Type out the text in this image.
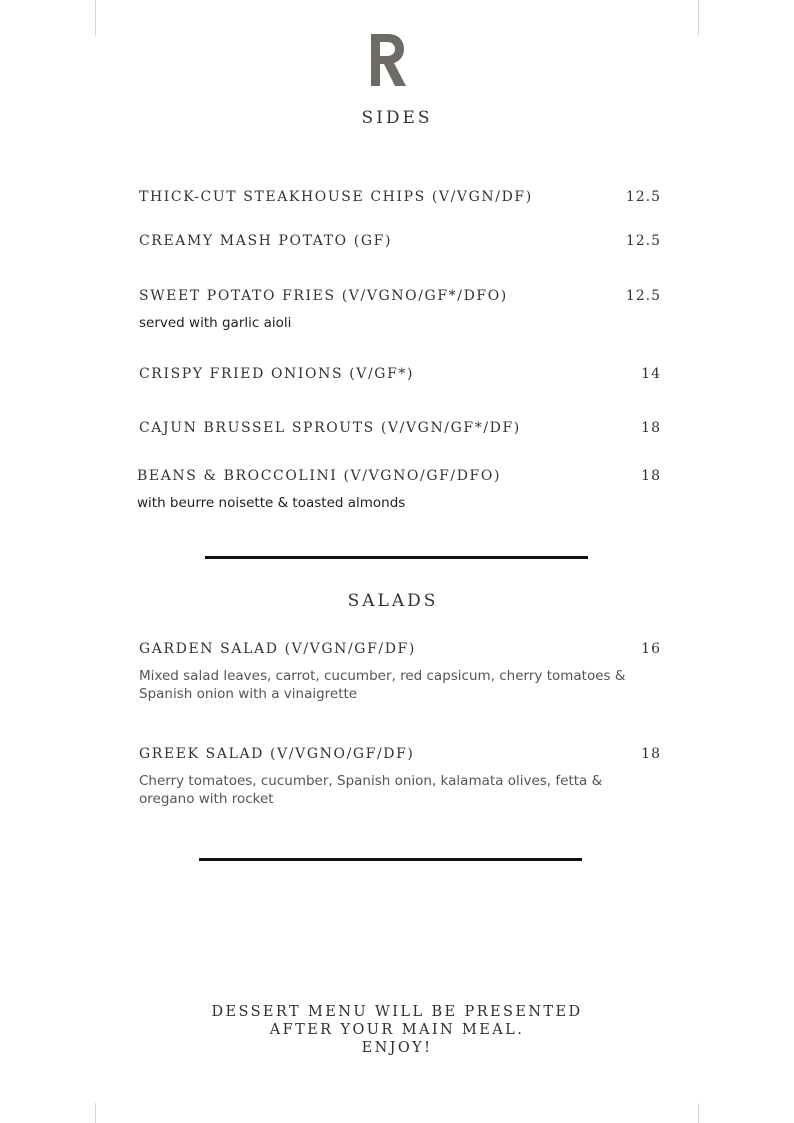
SIDES
THICK-CUT STEAKHOUSE CHIPS (V/VGN/DF)	12.5
CREAMY MASH POTATO (GF)	12.5
SWEET POTATO FRIES (V/VGNO/GF*/DFO)	12.5
served with garlic aioli
CRISPY FRIED ONIONS (V/GF*)	14
CAJUN BRUSSEL SPROUTS (V/VGN/GF*/DF)	18
BEANS & BROCCOLINI (V/VGNO/GF/DFO)	18
with beurre noisette & toasted almonds
SALADS
GARDEN SALAD (V/VGN/GF/DF)	16
Mixed salad leaves, carrot, cucumber, red capsicum, cherry tomatoes & Spanish onion with a vinaigrette
GREEK SALAD (V/VGNO/GF/DF)	18
Cherry tomatoes, cucumber, Spanish onion, kalamata olives, fetta & oregano with rocket
DESSERT MENU WILL BE PRESENTED
AFTER YOUR MAIN MEAL.
ENJOY!
